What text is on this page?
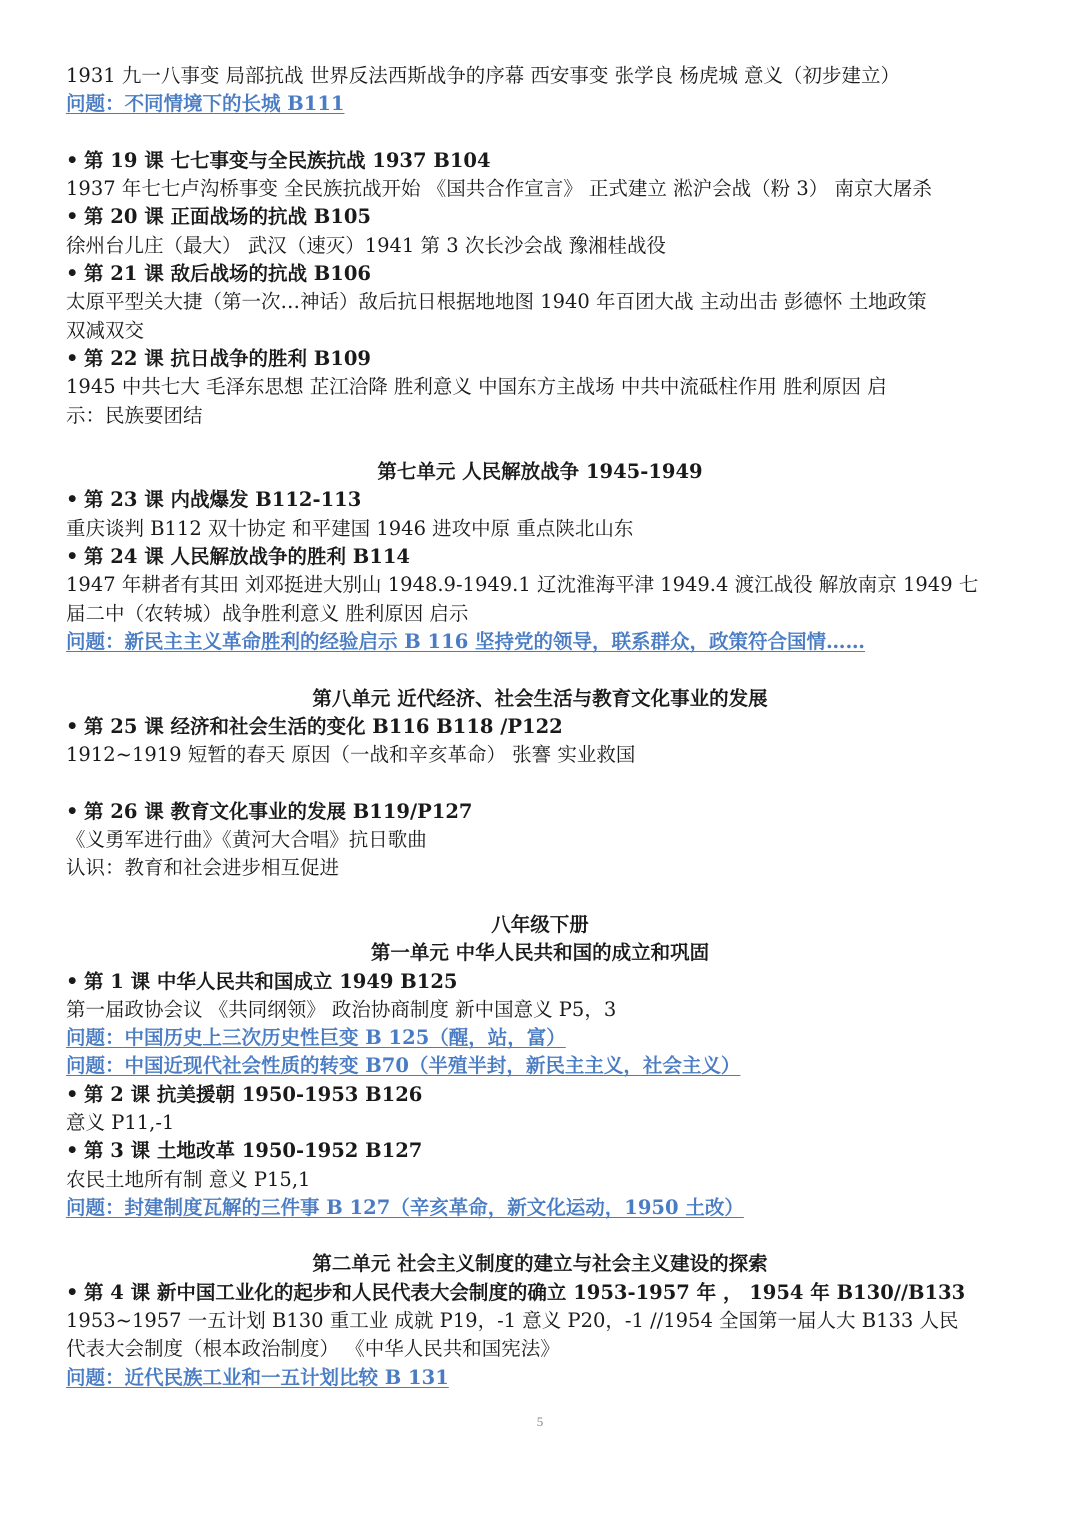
1931 九一八事变 局部抗战 世界反法西斯战争的序幕 西安事变 张学良 杨虎城 意义（初步建立）
问题：不同情境下的长城 B111
• 第 19 课 七七事变与全民族抗战 1937 B104
1937 年七七卢沟桥事变 全民族抗战开始 《国共合作宣言》 正式建立 淞沪会战（粉 3） 南京大屠杀
• 第 20 课 正面战场的抗战 B105
徐州台儿庄（最大） 武汉（速灭）1941 第 3 次长沙会战 豫湘桂战役
• 第 21 课 敌后战场的抗战 B106
太原平型关大捷（第一次…神话）敌后抗日根据地地图 1940 年百团大战 主动出击 彭德怀 土地政策
双减双交
• 第 22 课 抗日战争的胜利 B109
1945 中共七大 毛泽东思想 芷江洽降 胜利意义 中国东方主战场 中共中流砥柱作用 胜利原因 启
示：民族要团结
第七单元 人民解放战争 1945-1949
• 第 23 课 内战爆发 B112-113
重庆谈判 B112 双十协定 和平建国 1946 进攻中原 重点陕北山东
• 第 24 课 人民解放战争的胜利 B114
1947 年耕者有其田 刘邓挺进大别山 1948.9-1949.1 辽沈淮海平津 1949.4 渡江战役 解放南京 1949 七
届二中（农转城）战争胜利意义 胜利原因 启示
问题：新民主主义革命胜利的经验启示 B 116 坚持党的领导，联系群众，政策符合国情……
第八单元 近代经济、社会生活与教育文化事业的发展
• 第 25 课 经济和社会生活的变化 B116 B118 /P122
1912~1919 短暂的春天 原因（一战和辛亥革命） 张謇 实业救国
• 第 26 课 教育文化事业的发展 B119/P127
《义勇军进行曲》《黄河大合唱》抗日歌曲
认识：教育和社会进步相互促进
八年级下册
第一单元 中华人民共和国的成立和巩固
• 第 1 课 中华人民共和国成立 1949 B125
第一届政协会议 《共同纲领》 政治协商制度 新中国意义 P5，3
问题：中国历史上三次历史性巨变 B 125（醒，站，富）
问题：中国近现代社会性质的转变 B70（半殖半封，新民主主义，社会主义）
• 第 2 课 抗美援朝 1950-1953 B126
意义 P11,-1
• 第 3 课 土地改革 1950-1952 B127
农民土地所有制 意义 P15,1
问题：封建制度瓦解的三件事 B 127（辛亥革命，新文化运动，1950 土改）
第二单元 社会主义制度的建立与社会主义建设的探索
• 第 4 课 新中国工业化的起步和人民代表大会制度的确立 1953-1957 年 ， 1954 年 B130//B133
1953~1957 一五计划 B130 重工业 成就 P19，-1 意义 P20，-1 //1954 全国第一届人大 B133 人民
代表大会制度（根本政治制度） 《中华人民共和国宪法》
问题：近代民族工业和一五计划比较 B 131
5
